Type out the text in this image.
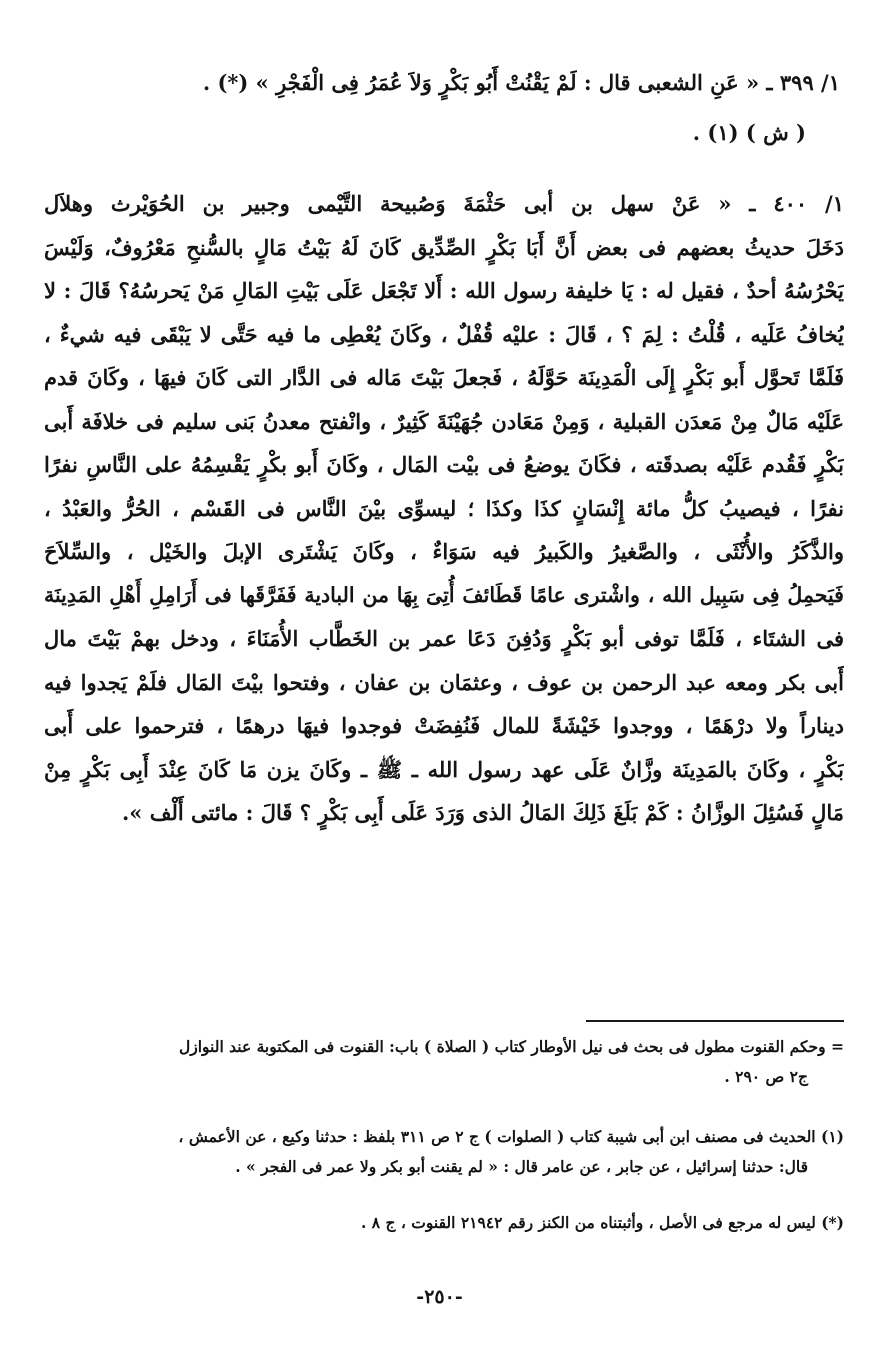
١/ ٣٩٩ ـ « عَنِ الشعبى قال : لَمْ يَقْنُتْ أَبُو بَكْرٍ وَلاَ عُمَرُ فِى الْفَجْرِ » (*) .
( ش ) (١) .

١/ ٤٠٠ ـ « عَنْ سهل بن أبى حَثْمَةَ وَصُبيحة التَّيْمى وجبير بن الحُوَيْرث وهلاَل
دَخَلَ حديثُ بعضهم فى بعض أَنَّ أَبَا بَكْرٍ الصِّدِّيق كَانَ لَهُ بَيْتُ مَالٍ بالسُّنحِ مَعْرُوفٌ، وَلَيْسَ
يَحْرُسُهُ أحدٌ ، فقيل له : يَا خليفة رسول الله : أَلا تَجْعَل عَلَى بَيْتِ المَالِ مَنْ يَحرسُهُ؟ قَالَ : لا
يُخافُ عَلَيه ، قُلْتُ : لِمَ ؟ ، قَالَ : عليْه قُفْلٌ ، وكَانَ يُعْطِى ما فيه حَتَّى لا يَبْقَى فيه شيءٌ ،
فَلَمَّا تَحوَّل أَبو بَكْرٍ إِلَى الْمَدِينَة حَوَّلَهُ ، فَجعلَ بَيْتَ مَاله فى الدَّار التى كَانَ فيهَا ، وكَانَ قدم
عَلَيْه مَالٌ مِنْ مَعدَن القبلية ، وَمِنْ مَعَادن جُهَيْنَةَ كَثِيرٌ ، وانْفتح معدنُ بَنى سليم فى خلافَة أَبى
بَكْرٍ فَقُدم عَلَيْه بصدقَته ، فكَانَ يوضعُ فى بيْت المَال ، وكَانَ أَبو بكْرٍ يَقْسِمُهُ على النَّاسِ نفرًا
نفرًا ، فيصيبُ كلُّ مائة إِنْسَانٍ كذَا وكذَا ؛ ليسوِّى بيْنَ النَّاس فى القَسْم ، الحُرُّ والعَبْدُ ،
والذَّكَرُ والأُنْثَى ، والصَّغيرُ والكَبيرُ فيه سَوَاءٌ ، وكَانَ يَشْتَرى الإبلَ والخَيْل ، والسِّلاَحَ
فَيَحمِلُ فِى سَبِيل الله ، واشْترى عامًا قَطَائفَ أُتِىَ بِهَا من البادية فَفَرَّقَها فى أَرَامِلِ أَهْلِ المَدِينَة
فى الشتَاء ، فَلَمَّا توفى أبو بَكْرٍ وَدُفِنَ دَعَا عمر بن الخَطَّاب الأُمَنَاءَ ، ودخل بهمْ بَيْتَ مال
أَبى بكر ومعه عبد الرحمن بن عوف ، وعثمَان بن عفان ، وفتحوا بيْتَ المَال فلَمْ يَجدوا فيه
ديناراً ولا درْهَمًا ، ووجدوا خَيْشَةً للمال فَنُفِضَتْ فوجدوا فيهَا درهمًا ، فترحموا على أَبى
بَكْرٍ ، وكَانَ بالمَدِينَة وزَّانٌ عَلَى عهد رسول الله ـ ﷺ ـ وكَانَ يزن مَا كَانَ عِنْدَ أَبِى بَكْرٍ مِنْ
مَالٍ فَسُئِلَ الوزَّانُ : كَمْ بَلَغَ ذَلِكَ المَالُ الذى وَرَدَ عَلَى أَبِى بَكْرٍ ؟ قَالَ : مائتى أَلْف ».
= وحكم القنوت مطول فى بحث فى نيل الأوطار كتاب ( الصلاة ) باب: القنوت فى المكتوبة عند النوازل
ج٢ ص ٢٩٠ .
(١) الحديث فى مصنف ابن أبى شيبة كتاب ( الصلوات ) ج ٢ ص ٣١١ بلفظ : حدثنا وكيع ، عن الأعمش ،
قال: حدثنا إسرائيل ، عن جابر ، عن عامر قال : « لم يقنت أبو بكر ولا عمر فى الفجر » .
(*) ليس له مرجع فى الأصل ، وأثبتناه من الكنز رقم ٢١٩٤٢ القنوت ، ج ٨ .
-٢٥٠-
